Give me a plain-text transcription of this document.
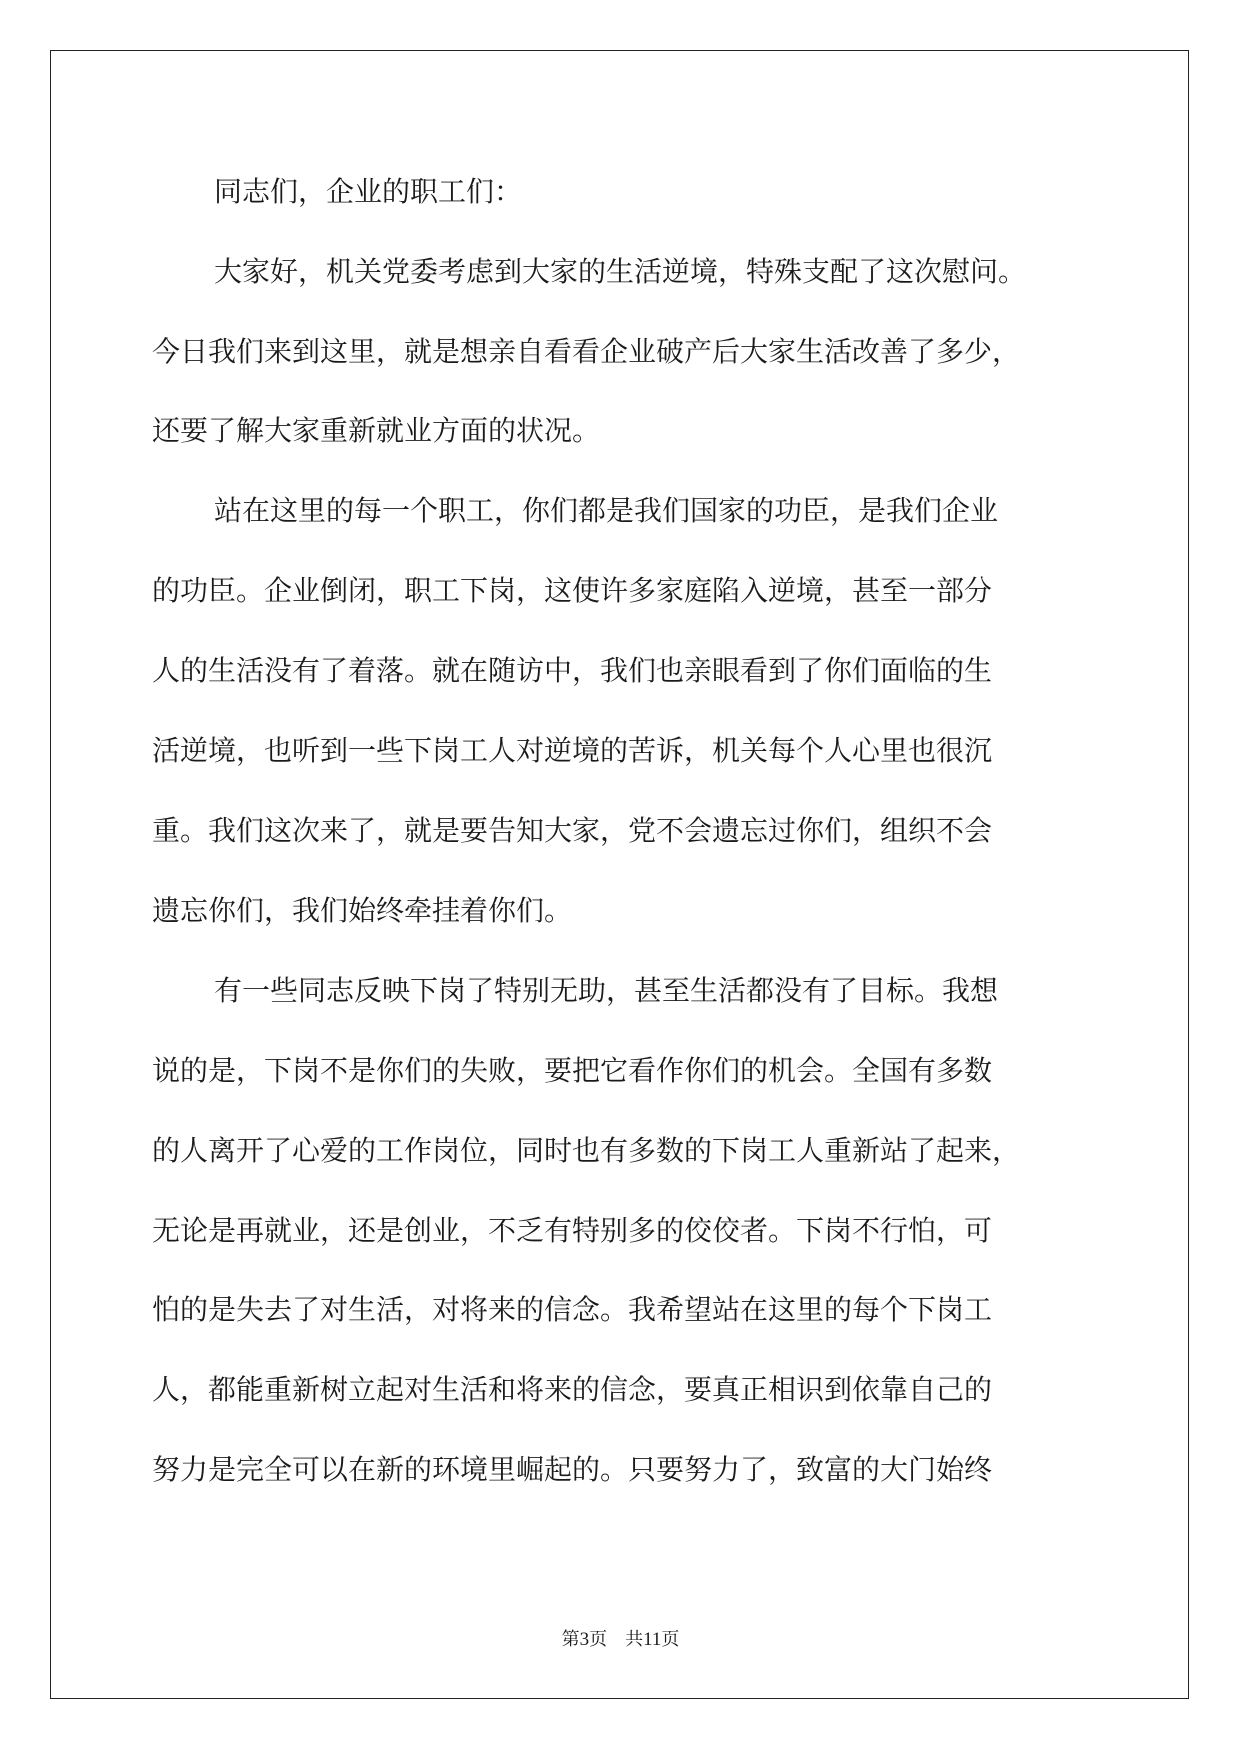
同志们，企业的职工们：
大家好，机关党委考虑到大家的生活逆境，特殊支配了这次慰问。
今日我们来到这里，就是想亲自看看企业破产后大家生活改善了多少，
还要了解大家重新就业方面的状况。
站在这里的每一个职工，你们都是我们国家的功臣，是我们企业
的功臣。企业倒闭，职工下岗，这使许多家庭陷入逆境，甚至一部分
人的生活没有了着落。就在随访中，我们也亲眼看到了你们面临的生
活逆境，也听到一些下岗工人对逆境的苦诉，机关每个人心里也很沉
重。我们这次来了，就是要告知大家，党不会遗忘过你们，组织不会
遗忘你们，我们始终牵挂着你们。
有一些同志反映下岗了特别无助，甚至生活都没有了目标。我想
说的是，下岗不是你们的失败，要把它看作你们的机会。全国有多数
的人离开了心爱的工作岗位，同时也有多数的下岗工人重新站了起来，
无论是再就业，还是创业，不乏有特别多的佼佼者。下岗不行怕，可
怕的是失去了对生活，对将来的信念。我希望站在这里的每个下岗工
人，都能重新树立起对生活和将来的信念，要真正相识到依靠自己的
努力是完全可以在新的环境里崛起的。只要努力了，致富的大门始终
第3页 共11页
